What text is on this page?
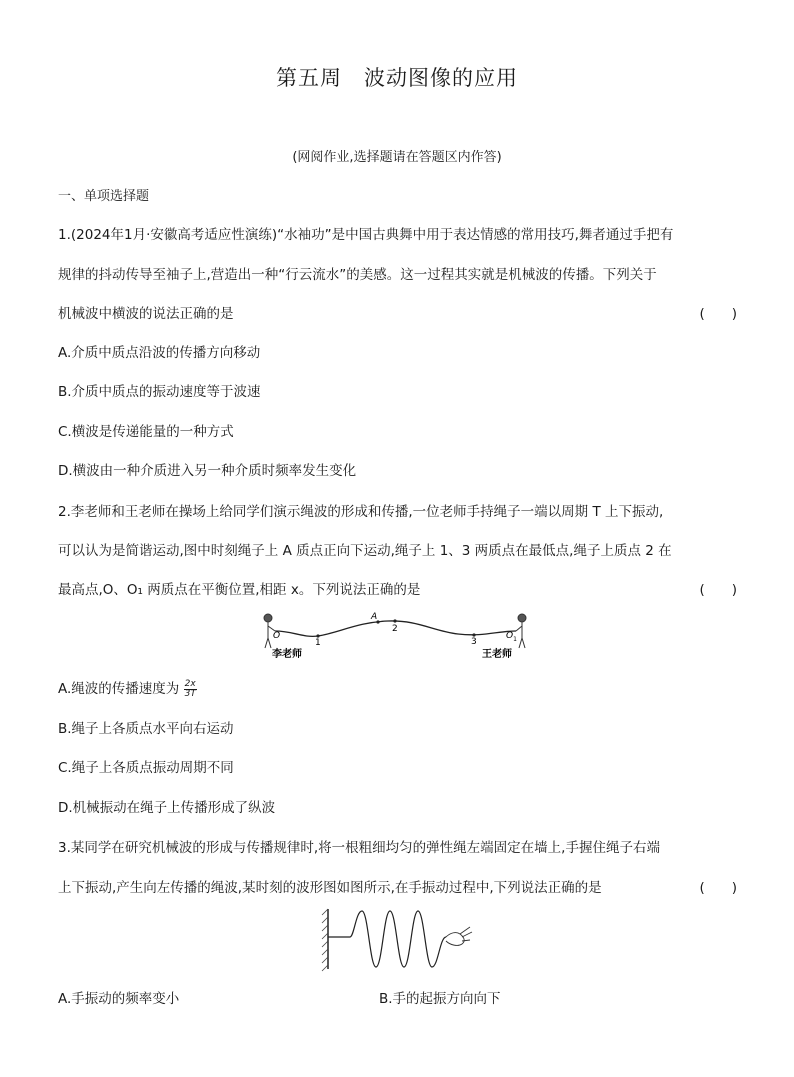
第五周　波动图像的应用
(网阅作业,选择题请在答题区内作答)
一、单项选择题
1.(2024年1月·安徽高考适应性演练)“水袖功”是中国古典舞中用于表达情感的常用技巧,舞者通过手把有
规律的抖动传导至袖子上,营造出一种“行云流水”的美感。这一过程其实就是机械波的传播。下列关于
机械波中横波的说法正确的是	(　　)
A.介质中质点沿波的传播方向移动
B.介质中质点的振动速度等于波速
C.横波是传递能量的一种方式
D.横波由一种介质进入另一种介质时频率发生变化
2.李老师和王老师在操场上给同学们演示绳波的形成和传播,一位老师手持绳子一端以周期 T 上下振动,
可以认为是简谐运动,图中时刻绳子上 A 质点正向下运动,绳子上 1、3 两质点在最低点,绳子上质点 2 在
最高点,O、O₁ 两质点在平衡位置,相距 x。下列说法正确的是	(　　)
O
1
A
2
3
$O_1$
李老师	王老师
A.绳波的传播速度为 $\frac{2x}{3T}$
B.绳子上各质点水平向右运动
C.绳子上各质点振动周期不同
D.机械振动在绳子上传播形成了纵波
3.某同学在研究机械波的形成与传播规律时,将一根粗细均匀的弹性绳左端固定在墙上,手握住绳子右端
上下振动,产生向左传播的绳波,某时刻的波形图如图所示,在手振动过程中,下列说法正确的是	(　　)
A.手振动的频率变小	B.手的起振方向向下
